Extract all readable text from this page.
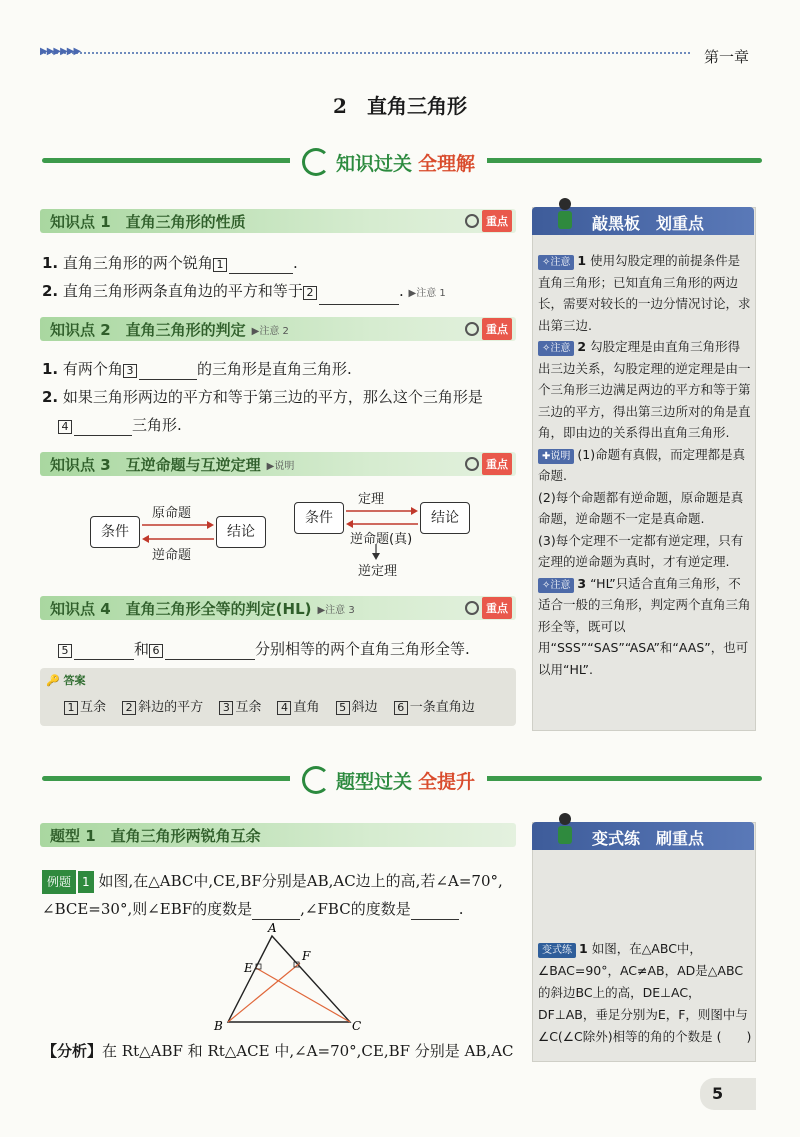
▶▶▶▶▶▶	第一章
2　直角三角形
知识过关 全理解
知识点 1　直角三角形的性质	重点
1. 直角三角形的两个锐角 1	.
2. 直角三角形两条直角边的平方和等于 2	. ▶注意 1
知识点 2　直角三角形的判定 ▶注意 2	重点
1. 有两个角 3	的三角形是直角三角形.
2. 如果三角形两边的平方和等于第三边的平方，那么这个三角形是
4	三角形.
知识点 3　互逆命题与互逆定理 ▶说明	重点
条件	结论
原命题
逆命题
条件	结论
定理
逆命题(真)
逆定理
知识点 4　直角三角形全等的判定(HL) ▶注意 3	重点
5	和 6	分别相等的两个直角三角形全等.
🔑 答案
1 互余 2 斜边的平方 3 互余 4 直角 5 斜边 6 一条直角边
敲黑板　划重点
✧注意 1 使用勾股定理的前提条件是直角三角形；已知直角三角形的两边长，需要对较长的一边分情况讨论，求出第三边.
✧注意 2 勾股定理是由直角三角形得出三边关系，勾股定理的逆定理是由一个三角形三边满足两边的平方和等于第三边的平方，得出第三边所对的角是直角，即由边的关系得出直角三角形.
✚说明 (1)命题有真假，而定理都是真命题.
(2)每个命题都有逆命题，原命题是真命题，逆命题不一定是真命题.
(3)每个定理不一定都有逆定理，只有定理的逆命题为真时，才有逆定理.
✧注意 3 “HL”只适合直角三角形，不适合一般的三角形，判定两个直角三角形全等，既可以用“SSS”“SAS”“ASA”和“AAS”，也可以用“HL”.
题型过关 全提升
题型 1　直角三角形两锐角互余
例题 1 如图,在△ABC中,CE,BF分别是AB,AC边上的高,若∠A=70°,
∠BCE=30°,则∠EBF的度数是	,∠FBC的度数是	.
A
B	C
E
F
【分析】在 Rt△ABF 和 Rt△ACE 中,∠A=70°,CE,BF 分别是 AB,AC
变式练　刷重点
变式练 1 如图，在△ABC中，∠BAC=90°，AC≠AB，AD是△ABC的斜边BC上的高，DE⊥AC，DF⊥AB，垂足分别为E，F，则图中与∠C(∠C除外)相等的角的个数是 (　　)
5
